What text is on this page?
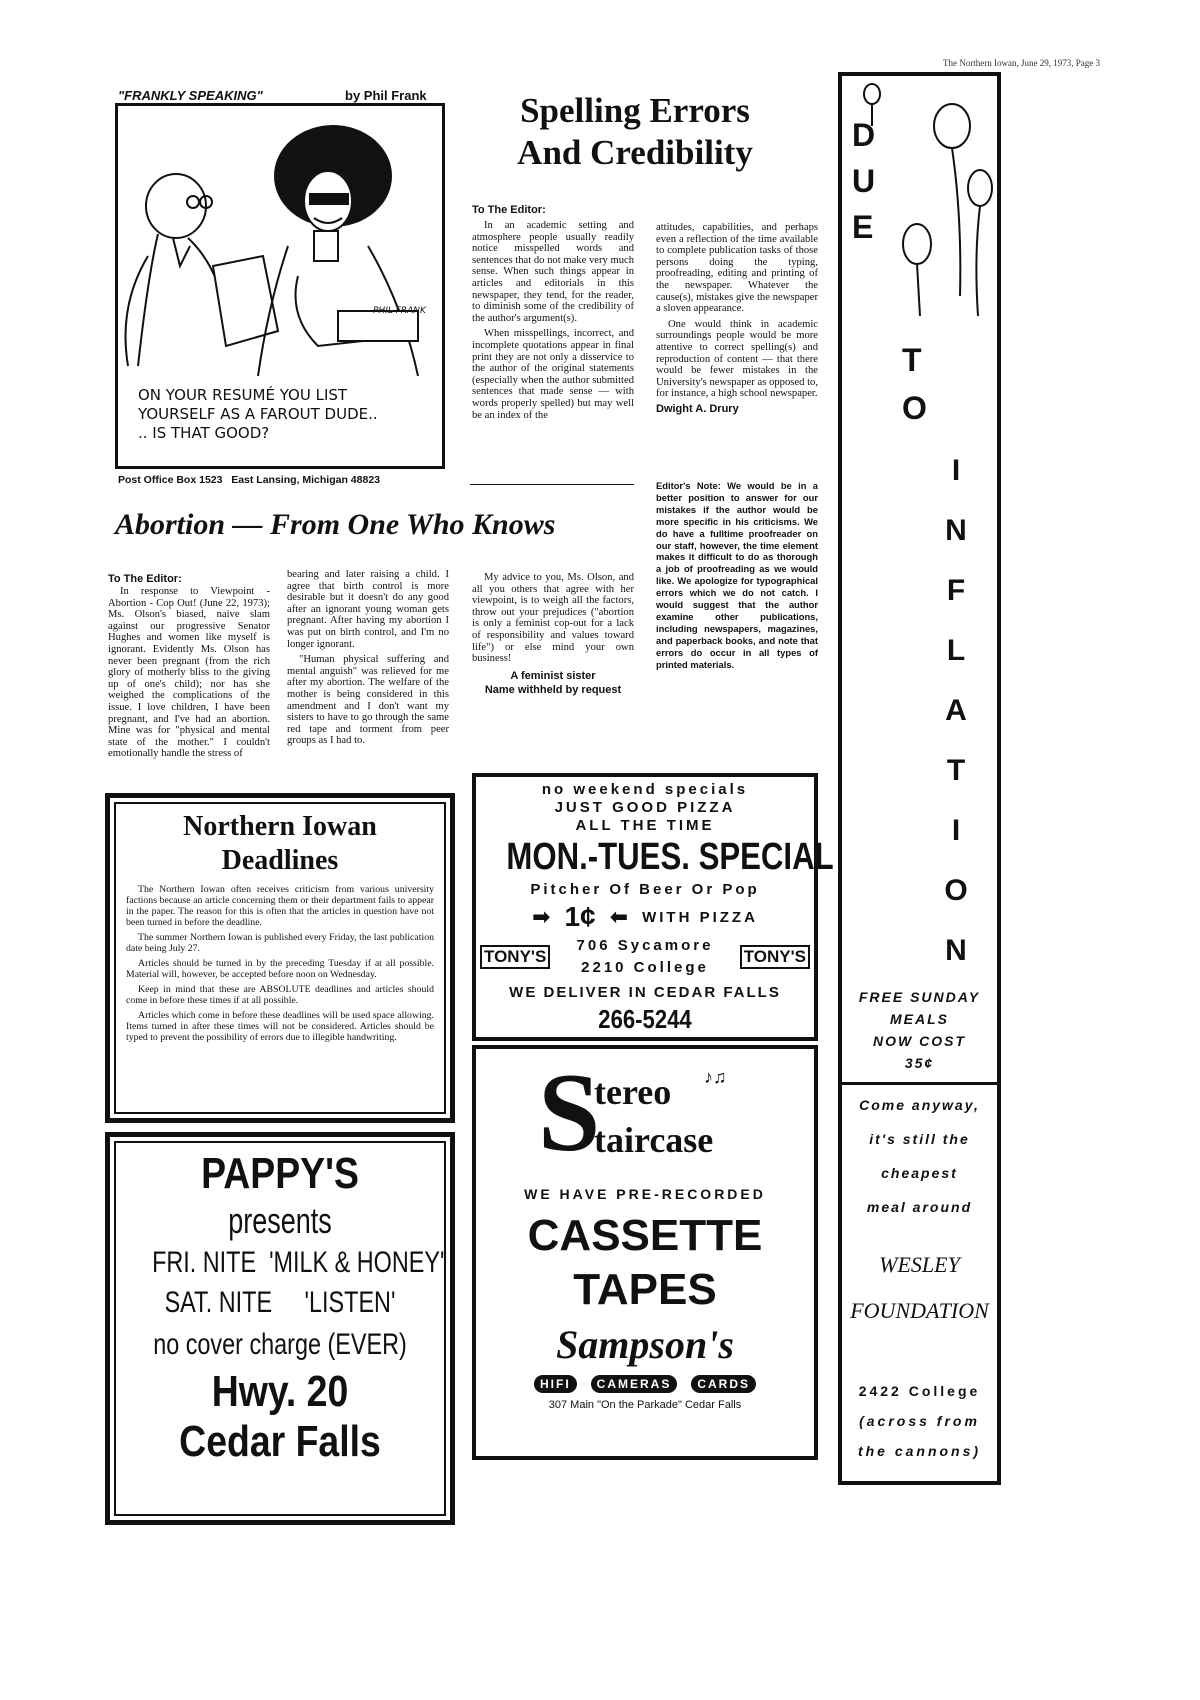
The Northern Iowan, June 29, 1973, Page 3
"FRANKLY SPEAKING"	by Phil Frank
PHIL FRANK
ON YOUR RESUMÉ YOU LIST
YOURSELF AS A FAROUT DUDE..
.. IS THAT GOOD?
Post Office Box 1523   East Lansing, Michigan 48823
Spelling Errors
And Credibility
To The Editor:

In an academic setting and atmosphere people usually readily notice misspelled words and sentences that do not make very much sense. When such things appear in articles and editorials in this newspaper, they tend, for the reader, to diminish some of the credibility of the author's argument(s).

When misspellings, incorrect, and incomplete quotations appear in final print they are not only a disservice to the author of the original statements (especially when the author submitted sentences that made sense — with words properly spelled) but may well be an index of the

attitudes, capabilities, and perhaps even a reflection of the time available to complete publication tasks of those persons doing the typing, proofreading, editing and printing of the newspaper. Whatever the cause(s), mistakes give the newspaper a sloven appearance.

One would think in academic surroundings people would be more attentive to correct spelling(s) and reproduction of content — that there would be fewer mistakes in the University's newspaper as opposed to, for instance, a high school newspaper.

Dwight A. Drury
Editor's Note: We would be in a better position to answer for our mistakes if the author would be more specific in his criticisms. We do have a fulltime proofreader on our staff, however, the time element makes it difficult to do as thorough a job of proofreading as we would like. We apologize for typographical errors which we do not catch. I would suggest that the author examine other publications, including newspapers, magazines, and paperback books, and note that errors do occur in all types of printed materials.
Abortion — From One Who Knows
To The Editor:

In response to Viewpoint - Abortion - Cop Out! (June 22, 1973); Ms. Olson's biased, naive slam against our progressive Senator Hughes and women like myself is ignorant. Evidently Ms. Olson has never been pregnant (from the rich glory of motherly bliss to the giving up of one's child); nor has she weighed the complications of the issue. I love children, I have been pregnant, and I've had an abortion. Mine was for "physical and mental state of the mother." I couldn't emotionally handle the stress of

bearing and later raising a child. I agree that birth control is more desirable but it doesn't do any good after an ignorant young woman gets pregnant. After having my abortion I was put on birth control, and I'm no longer ignorant.

"Human physical suffering and mental anguish" was relieved for me after my abortion. The welfare of the mother is being considered in this amendment and I don't want my sisters to have to go through the same red tape and torment from peer groups as I had to.

My advice to you, Ms. Olson, and all you others that agree with her viewpoint, is to weigh all the factors, throw out your prejudices ("abortion is only a feminist cop-out for a lack of responsibility and values toward life") or else mind your own business!

A feminist sister
Name withheld by request
Northern Iowan
Deadlines

The Northern Iowan often receives criticism from various university factions because an article concerning them or their department fails to appear in the paper. The reason for this is often that the articles in question have not been turned in before the deadline.

The summer Northern Iowan is published every Friday, the last publication date being July 27.

Articles should be turned in by the preceding Tuesday if at all possible. Material will, however, be accepted before noon on Wednesday.

Keep in mind that these are ABSOLUTE deadlines and articles should come in before these times if at all possible.

Articles which come in before these deadlines will be used space allowing. Items turned in after these times will not be considered. Articles should be typed to prevent the possibility of errors due to illegible handwriting.

PAPPY'S
presents
FRI. NITE  'MILK & HONEY'
SAT. NITE     'LISTEN'
no cover charge (EVER)
Hwy. 20
Cedar Falls
no weekend specials
JUST GOOD PIZZA
ALL THE TIME
MON.-TUES. SPECIAL
Pitcher Of Beer Or Pop
➡ 1¢ ⬅ WITH PIZZA
TONY'S
706 Sycamore
2210 College
TONY'S
WE DELIVER IN CEDAR FALLS
266-5244
S
tereo ♪♫
taircase
WE HAVE PRE-RECORDED
CASSETTE
TAPES
Sampson's
HIFI	CAMERAS	CARDS
307 Main "On the Parkade" Cedar Falls
D
U
E
T
O
I
N
F
L
A
T
I
O
N
FREE SUNDAY
MEALS
NOW COST
35¢
Come anyway,
it's still the
cheapest
meal around
WESLEY
FOUNDATION
2422 College
(across from
the cannons)
